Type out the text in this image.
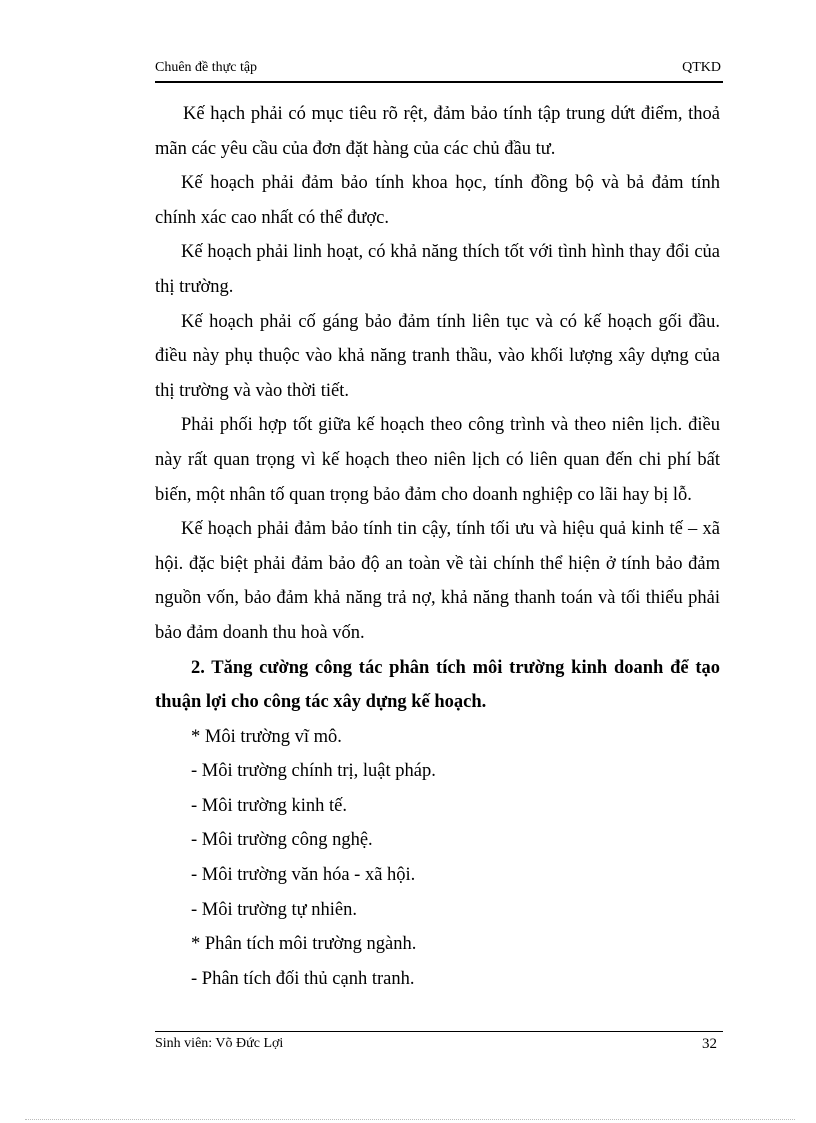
Chuên đề thực tập	QTKD

Kế hạch phải có mục tiêu rõ rệt, đảm bảo tính tập trung dứt điểm, thoả mãn các yêu cầu của đơn đặt hàng của các chủ đầu tư.

Kế hoạch phải đảm bảo tính khoa học, tính đồng bộ và bả đảm tính chính xác cao nhất có thể được.

Kế hoạch phải linh hoạt, có khả năng thích tốt với tình hình thay đổi của thị trường.

Kế hoạch phải cố gáng bảo đảm tính liên tục và có kế hoạch gối đầu. điều này phụ thuộc vào khả năng tranh thầu, vào khối lượng xây dựng của thị trường và vào thời tiết.

Phải phối hợp tốt giữa kế hoạch theo công trình và theo niên lịch. điều này rất quan trọng vì kế hoạch theo niên lịch có liên quan đến chi phí bất biến, một nhân tố quan trọng bảo đảm cho doanh nghiệp co lãi hay bị lỗ.

Kế hoạch phải đảm bảo tính tin cậy, tính tối ưu và hiệu quả kinh tế – xã hội. đặc biệt phải đảm bảo độ an toàn về tài chính thể hiện ở tính bảo đảm nguồn vốn, bảo đảm khả năng trả nợ, khả năng thanh toán và tối thiểu phải bảo đảm doanh thu hoà vốn.

2. Tăng cường công tác phân tích môi trường kinh doanh để tạo thuận lợi cho công tác xây dựng kế hoạch.

* Môi trường vĩ mô.

- Môi trường chính trị, luật pháp.

- Môi trường kinh tế.

- Môi trường công nghệ.

- Môi trường văn hóa - xã hội.

- Môi trường tự nhiên.

* Phân tích môi trường ngành.

- Phân tích đối thủ cạnh tranh.

Sinh viên: Võ Đức Lợi	32
